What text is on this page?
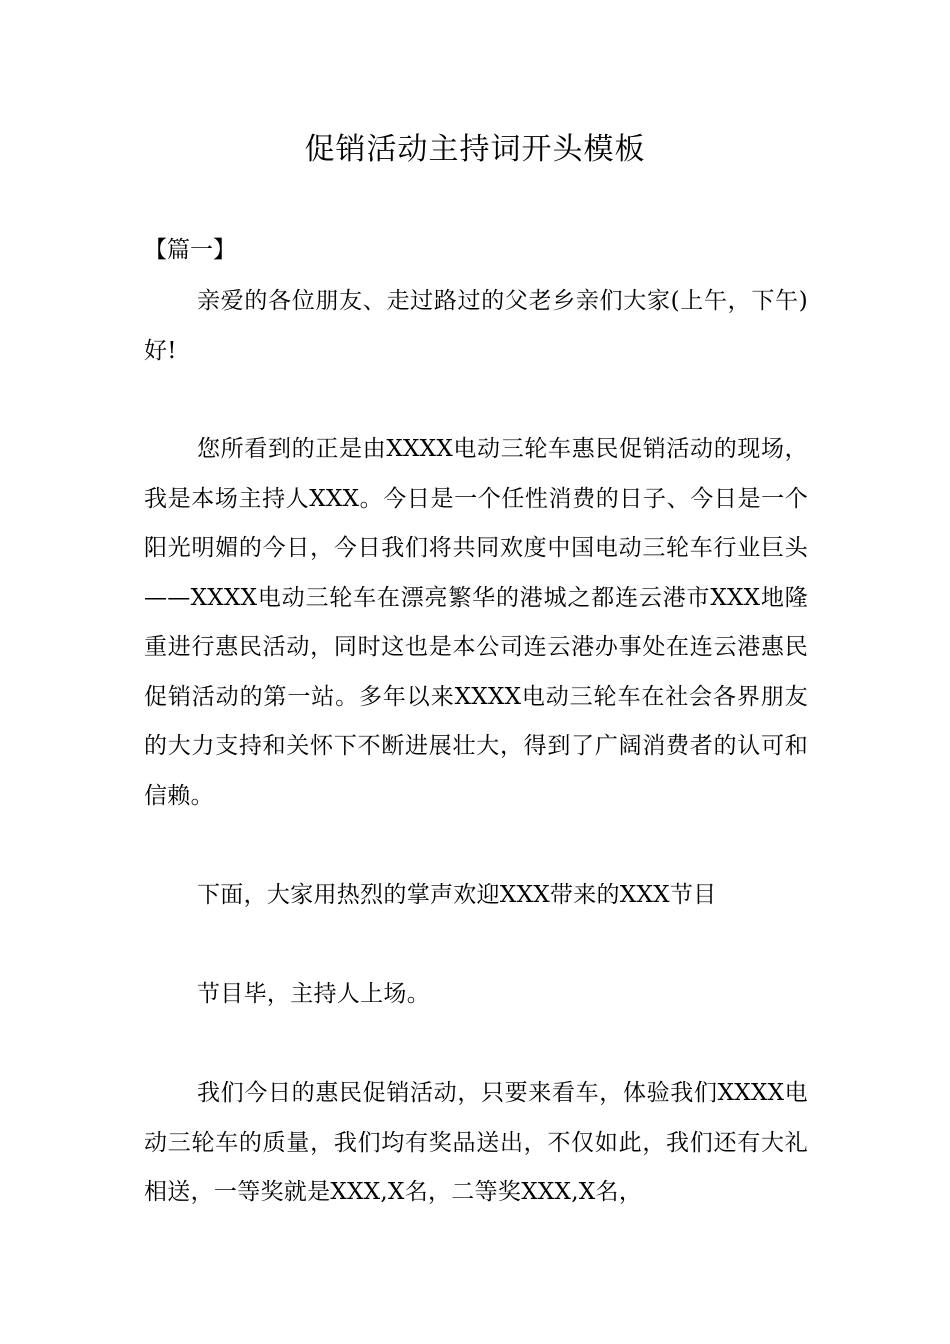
促销活动主持词开头模板
【篇一】

亲爱的各位朋友、走过路过的父老乡亲们大家(上午，下午)好!

您所看到的正是由XXXX电动三轮车惠民促销活动的现场，我是本场主持人XXX。今日是一个任性消费的日子、今日是一个阳光明媚的今日，今日我们将共同欢度中国电动三轮车行业巨头——XXXX电动三轮车在漂亮繁华的港城之都连云港市XXX地隆重进行惠民活动，同时这也是本公司连云港办事处在连云港惠民促销活动的第一站。多年以来XXXX电动三轮车在社会各界朋友的大力支持和关怀下不断进展壮大，得到了广阔消费者的认可和信赖。

下面，大家用热烈的掌声欢迎XXX带来的XXX节目

节目毕，主持人上场。

我们今日的惠民促销活动，只要来看车，体验我们XXXX电动三轮车的质量，我们均有奖品送出，不仅如此，我们还有大礼相送，一等奖就是XXX,X名，二等奖XXX,X名，
